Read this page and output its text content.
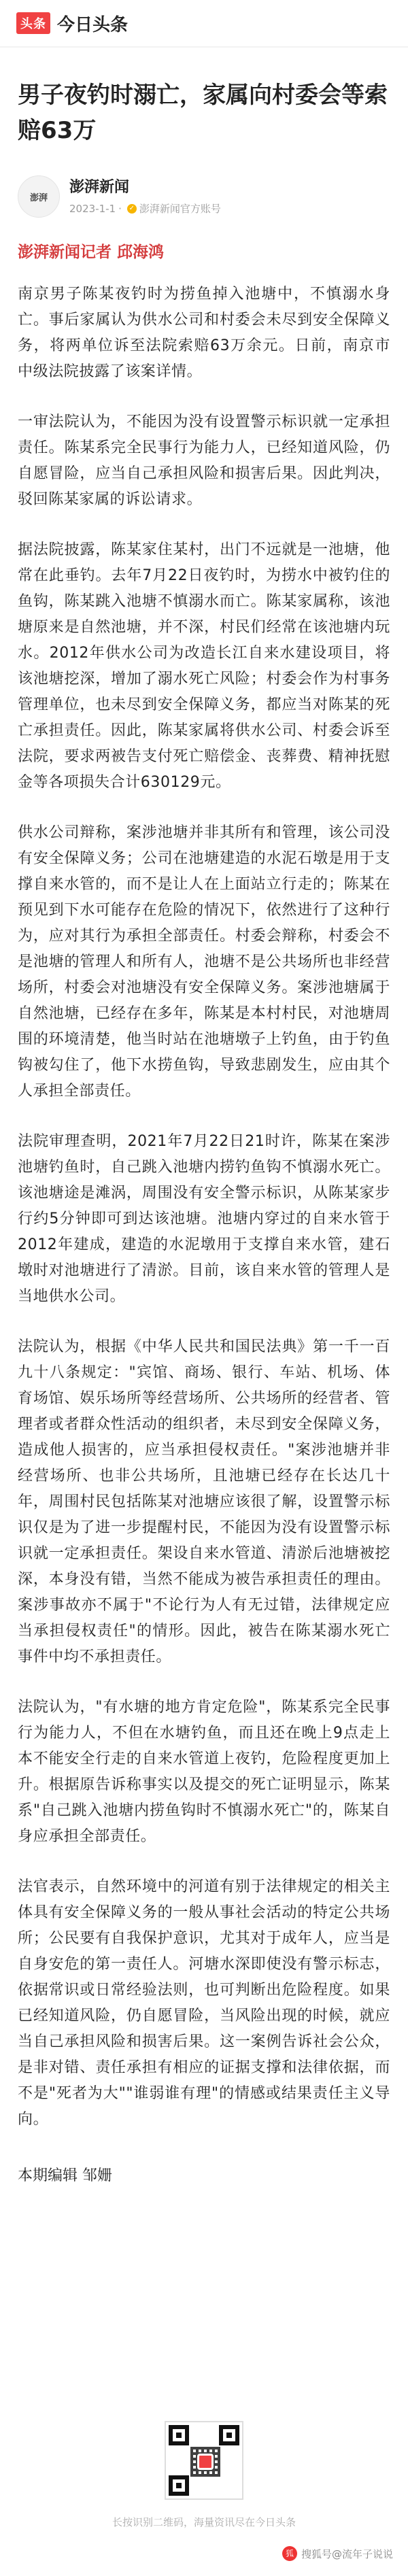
头条 今日头条
男子夜钓时溺亡，家属向村委会等索赔63万
澎湃
澎湃新闻
2023-1-1 · ✓ 澎湃新闻官方账号
澎湃新闻记者 邱海鸿

南京男子陈某夜钓时为捞鱼掉入池塘中，不慎溺水身亡。事后家属认为供水公司和村委会未尽到安全保障义务，将两单位诉至法院索赔63万余元。日前，南京市中级法院披露了该案详情。

一审法院认为，不能因为没有设置警示标识就一定承担责任。陈某系完全民事行为能力人，已经知道风险，仍自愿冒险，应当自己承担风险和损害后果。因此判决，驳回陈某家属的诉讼请求。

据法院披露，陈某家住某村，出门不远就是一池塘，他常在此垂钓。去年7月22日夜钓时，为捞水中被钓住的鱼钩，陈某跳入池塘不慎溺水而亡。陈某家属称，该池塘原来是自然池塘，并不深，村民们经常在该池塘内玩水。2012年供水公司为改造长江自来水建设项目，将该池塘挖深，增加了溺水死亡风险；村委会作为村事务管理单位，也未尽到安全保障义务，都应当对陈某的死亡承担责任。因此，陈某家属将供水公司、村委会诉至法院，要求两被告支付死亡赔偿金、丧葬费、精神抚慰金等各项损失合计630129元。

供水公司辩称，案涉池塘并非其所有和管理，该公司没有安全保障义务；公司在池塘建造的水泥石墩是用于支撑自来水管的，而不是让人在上面站立行走的；陈某在预见到下水可能存在危险的情况下，依然进行了这种行为，应对其行为承担全部责任。村委会辩称，村委会不是池塘的管理人和所有人，池塘不是公共场所也非经营场所，村委会对池塘没有安全保障义务。案涉池塘属于自然池塘，已经存在多年，陈某是本村村民，对池塘周围的环境清楚，他当时站在池塘墩子上钓鱼，由于钓鱼钩被勾住了，他下水捞鱼钩，导致悲剧发生，应由其个人承担全部责任。

法院审理查明，2021年7月22日21时许，陈某在案涉池塘钓鱼时，自己跳入池塘内捞钓鱼钩不慎溺水死亡。该池塘途是滩涡，周围没有安全警示标识，从陈某家步行约5分钟即可到达该池塘。池塘内穿过的自来水管于2012年建成，建造的水泥墩用于支撑自来水管，建石墩时对池塘进行了清淤。目前，该自来水管的管理人是当地供水公司。

法院认为，根据《中华人民共和国民法典》第一千一百九十八条规定："宾馆、商场、银行、车站、机场、体育场馆、娱乐场所等经营场所、公共场所的经营者、管理者或者群众性活动的组织者，未尽到安全保障义务，造成他人损害的，应当承担侵权责任。"案涉池塘并非经营场所、也非公共场所，且池塘已经存在长达几十年，周围村民包括陈某对池塘应该很了解，设置警示标识仅是为了进一步提醒村民，不能因为没有设置警示标识就一定承担责任。架设自来水管道、清淤后池塘被挖深，本身没有错，当然不能成为被告承担责任的理由。案涉事故亦不属于"不论行为人有无过错，法律规定应当承担侵权责任"的情形。因此，被告在陈某溺水死亡事件中均不承担责任。

法院认为，"有水塘的地方肯定危险"，陈某系完全民事行为能力人，不但在水塘钓鱼，而且还在晚上9点走上本不能安全行走的自来水管道上夜钓，危险程度更加上升。根据原告诉称事实以及提交的死亡证明显示，陈某系"自己跳入池塘内捞鱼钩时不慎溺水死亡"的，陈某自身应承担全部责任。

法官表示，自然环境中的河道有别于法律规定的相关主体具有安全保障义务的一般从事社会活动的特定公共场所；公民要有自我保护意识，尤其对于成年人，应当是自身安危的第一责任人。河塘水深即使没有警示标志，依据常识或日常经验法则，也可判断出危险程度。如果已经知道风险，仍自愿冒险，当风险出现的时候，就应当自己承担风险和损害后果。这一案例告诉社会公众，是非对错、责任承担有相应的证据支撑和法律依据，而不是"死者为大""谁弱谁有理"的情感或结果责任主义导向。

本期编辑 邹姗
长按识别二维码，海量资讯尽在今日头条
狐 搜狐号@流年子说说
